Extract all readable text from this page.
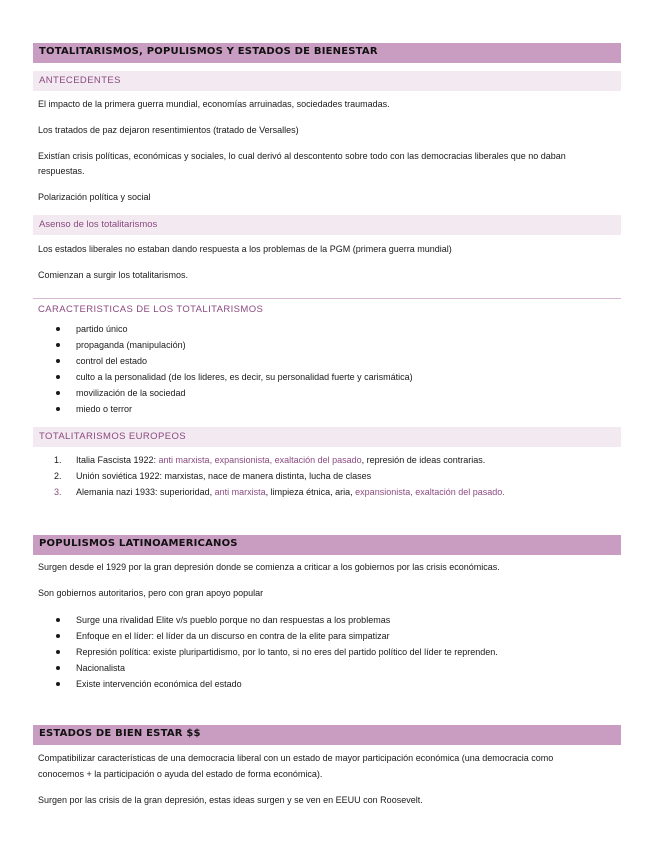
TOTALITARISMOS, POPULISMOS Y ESTADOS DE BIENESTAR
ANTECEDENTES
El impacto de la primera guerra mundial, economías arruinadas, sociedades traumadas.
Los tratados de paz dejaron resentimientos (tratado de Versalles)
Existían crisis políticas, económicas y sociales, lo cual derivó al descontento sobre todo con las democracias liberales que no daban
respuestas.
Polarización política y social
Asenso de los totalitarismos
Los estados liberales no estaban dando respuesta a los problemas de la PGM (primera guerra mundial)
Comienzan a surgir los totalitarismos.
CARACTERISTICAS DE LOS TOTALITARISMOS
partido único
propaganda (manipulación)
control del estado
culto a la personalidad (de los lideres, es decir, su personalidad fuerte y carismática)
movilización de la sociedad
miedo o terror
TOTALITARISMOS EUROPEOS
1. Italia Fascista 1922: anti marxista, expansionista, exaltación del pasado, represión de ideas contrarias.
2. Unión soviética 1922: marxistas, nace de manera distinta, lucha de clases
3. Alemania nazi 1933: superioridad, anti marxista, limpieza étnica, aria, expansionista, exaltación del pasado.
POPULISMOS LATINOAMERICANOS
Surgen desde el 1929 por la gran depresión donde se comienza a criticar a los gobiernos por las crisis económicas.
Son gobiernos autoritarios, pero con gran apoyo popular
Surge una rivalidad Elite v/s pueblo porque no dan respuestas a los problemas
Enfoque en el líder: el líder da un discurso en contra de la elite para simpatizar
Represión política: existe pluripartidismo, por lo tanto, si no eres del partido político del líder te reprenden.
Nacionalista
Existe intervención económica del estado
ESTADOS DE BIEN ESTAR $$
Compatibilizar características de una democracia liberal con un estado de mayor participación económica (una democracia como
conocemos + la participación o ayuda del estado de forma económica).
Surgen por las crisis de la gran depresión, estas ideas surgen y se ven en EEUU con Roosevelt.
